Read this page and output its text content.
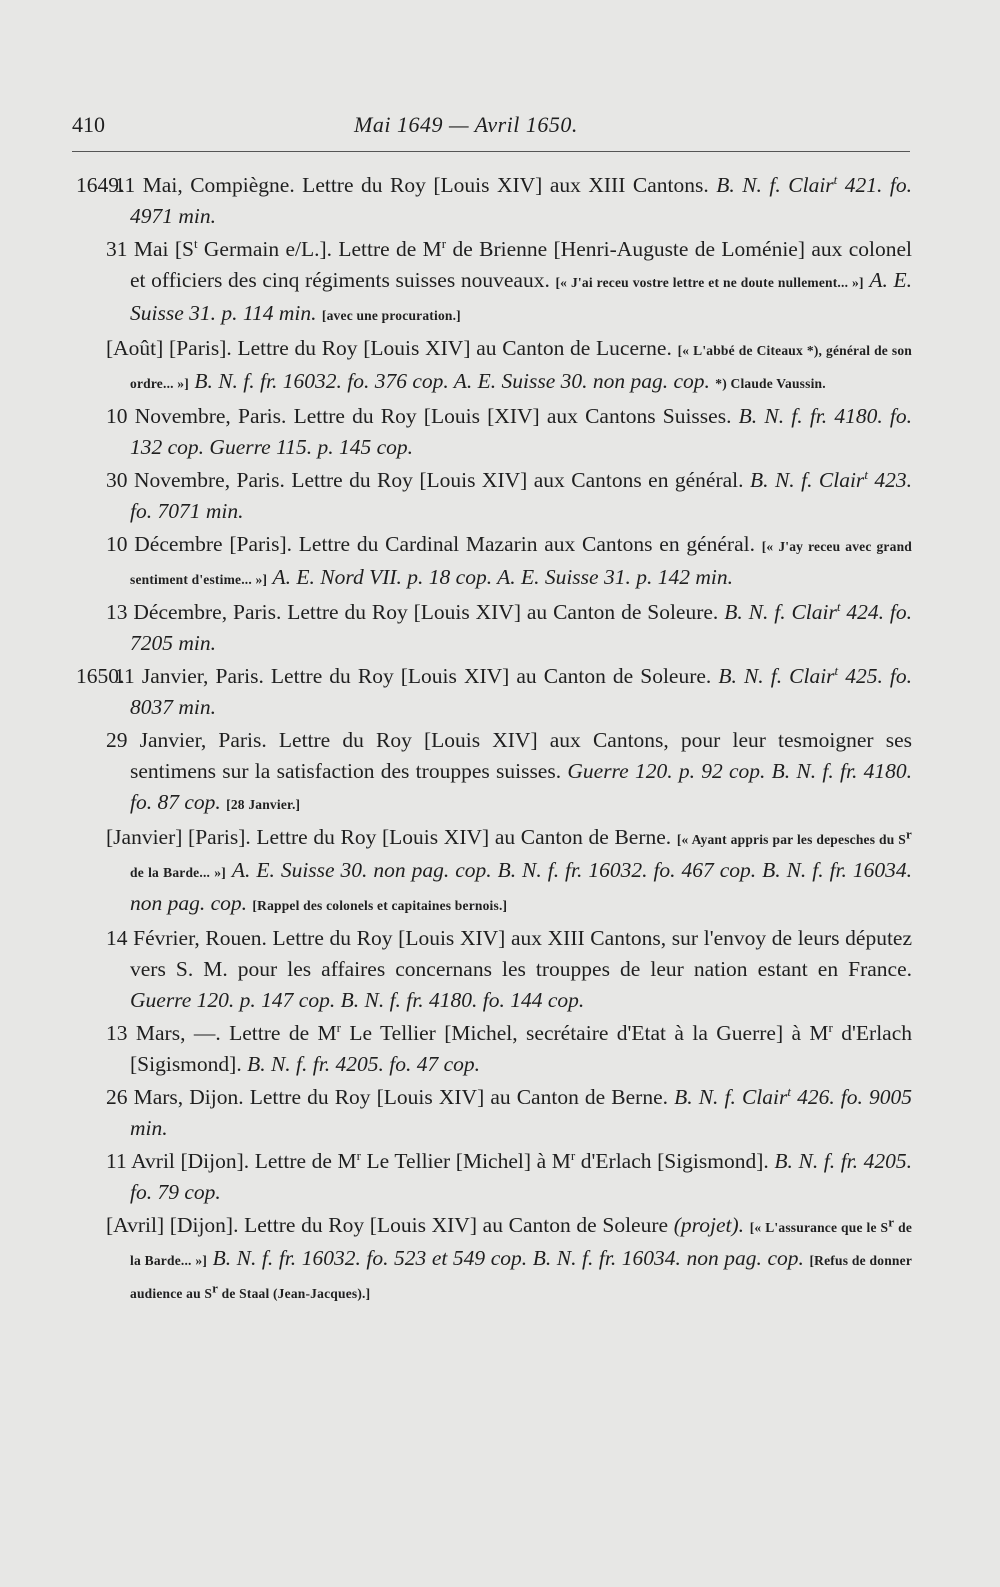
410	Mai 1649 — Avril 1650.

1649. 11 Mai, Compiègne. Lettre du Roy [Louis XIV] aux XIII Cantons. B. N. f. Clair$^t$ 421. fo. 4971 min.

31 Mai [$S^t$ Germain e/L.]. Lettre de $M^r$ de Brienne [Henri-Auguste de Loménie] aux colonel et officiers des cinq régiments suisses nouveaux. [« J'ai receu vostre lettre et ne doute nullement... »] A. E. Suisse 31. p. 114 min. [avec une procuration.]

[Août] [Paris]. Lettre du Roy [Louis XIV] au Canton de Lucerne. [« L'abbé de Citeaux *), général de son ordre... »] B. N. f. fr. 16032. fo. 376 cop. A. E. Suisse 30. non pag. cop. *) Claude Vaussin.

10 Novembre, Paris. Lettre du Roy [Louis [XIV] aux Cantons Suisses. B. N. f. fr. 4180. fo. 132 cop. Guerre 115. p. 145 cop.

30 Novembre, Paris. Lettre du Roy [Louis XIV] aux Cantons en général. B. N. f. Clair$^t$ 423. fo. 7071 min.

10 Décembre [Paris]. Lettre du Cardinal Mazarin aux Cantons en général. [« J'ay receu avec grand sentiment d'estime... »] A. E. Nord VII. p. 18 cop. A. E. Suisse 31. p. 142 min.

13 Décembre, Paris. Lettre du Roy [Louis XIV] au Canton de Soleure. B. N. f. Clair$^t$ 424. fo. 7205 min.

1650. 11 Janvier, Paris. Lettre du Roy [Louis XIV] au Canton de Soleure. B. N. f. Clair$^t$ 425. fo. 8037 min.

29 Janvier, Paris. Lettre du Roy [Louis XIV] aux Cantons, pour leur tesmoigner ses sentimens sur la satisfaction des trouppes suisses. Guerre 120. p. 92 cop. B. N. f. fr. 4180. fo. 87 cop. [28 Janvier.]

[Janvier] [Paris]. Lettre du Roy [Louis XIV] au Canton de Berne. [« Ayant appris par les depesches du $S^r$ de la Barde... »] A. E. Suisse 30. non pag. cop. B. N. f. fr. 16032. fo. 467 cop. B. N. f. fr. 16034. non pag. cop. [Rappel des colonels et capitaines bernois.]

14 Février, Rouen. Lettre du Roy [Louis XIV] aux XIII Cantons, sur l'envoy de leurs députez vers S. M. pour les affaires concernans les trouppes de leur nation estant en France. Guerre 120. p. 147 cop. B. N. f. fr. 4180. fo. 144 cop.

13 Mars, —. Lettre de $M^r$ Le Tellier [Michel, secrétaire d'Etat à la Guerre] à $M^r$ d'Erlach [Sigismond]. B. N. f. fr. 4205. fo. 47 cop.

26 Mars, Dijon. Lettre du Roy [Louis XIV] au Canton de Berne. B. N. f. Clair$^t$ 426. fo. 9005 min.

11 Avril [Dijon]. Lettre de $M^r$ Le Tellier [Michel] à $M^r$ d'Erlach [Sigismond]. B. N. f. fr. 4205. fo. 79 cop.

[Avril] [Dijon]. Lettre du Roy [Louis XIV] au Canton de Soleure (projet). [« L'assurance que le $S^r$ de la Barde... »] B. N. f. fr. 16032. fo. 523 et 549 cop. B. N. f. fr. 16034. non pag. cop. [Refus de donner audience au $S^r$ de Staal (Jean-Jacques).]
